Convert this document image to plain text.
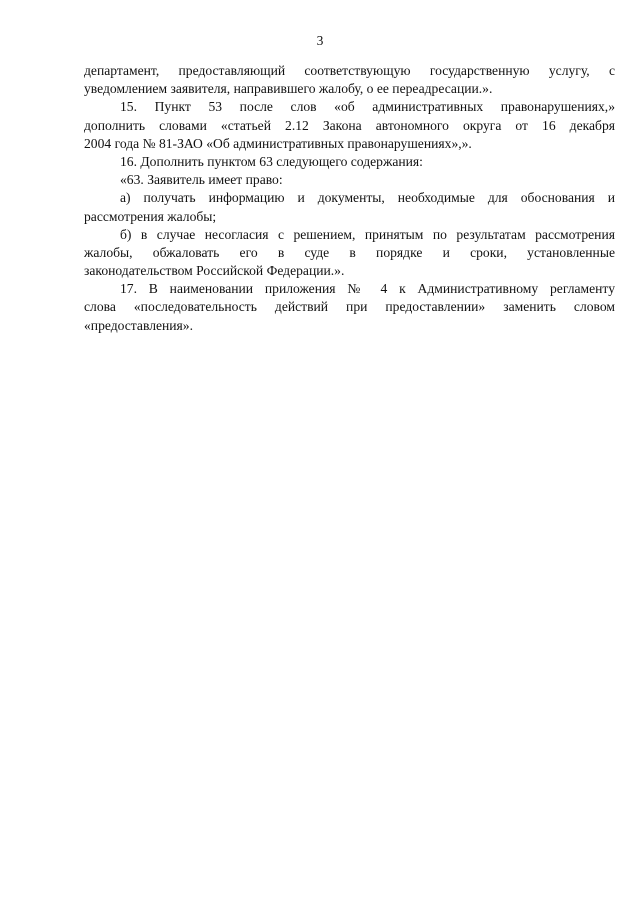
3
департамент, предоставляющий соответствующую государственную услугу, с
уведомлением заявителя, направившего жалобу, о ее переадресации.».
15. Пункт 53 после слов «об административных правонарушениях,»
дополнить словами «статьей 2.12 Закона автономного округа от 16 декабря
2004 года № 81-ЗАО «Об административных правонарушениях»,».
16. Дополнить пунктом 63 следующего содержания:
«63. Заявитель имеет право:
а) получать информацию и документы, необходимые для обоснования и
рассмотрения жалобы;
б) в случае несогласия с решением, принятым по результатам рассмотрения
жалобы, обжаловать его в суде в порядке и сроки, установленные
законодательством Российской Федерации.».
17. В наименовании приложения № 4 к Административному регламенту
слова «последовательность действий при предоставлении» заменить словом
«предоставления».
